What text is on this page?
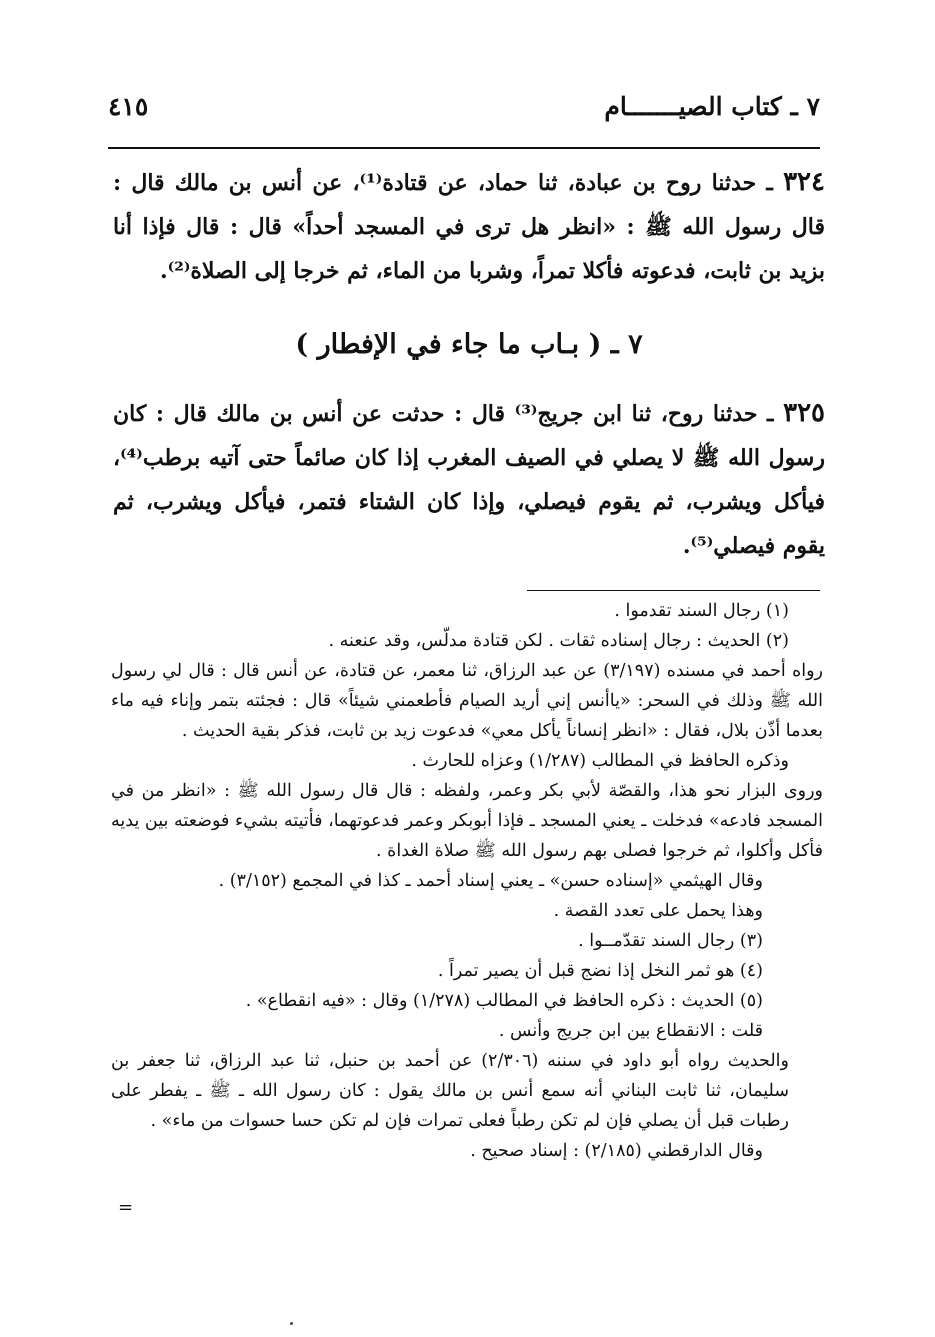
٧ ـ كتاب الصيـــــــام
٤١٥

٣٢٤ ـ حدثنا روح بن عبادة، ثنا حماد، عن قتادة⁽¹⁾، عن أنس بن مالك قال : قال رسول الله ﷺ : «انظر هل ترى في المسجد أحداً» قال : قال فإذا أنا بزيد بن ثابت، فدعوته فأكلا تمراً، وشربا من الماء، ثم خرجا إلى الصلاة⁽²⁾.

٧ ـ ( بـاب ما جاء في الإفطار )

٣٢٥ ـ حدثنا روح، ثنا ابن جريج⁽³⁾ قال : حدثت عن أنس بن مالك قال : كان رسول الله ﷺ لا يصلي في الصيف المغرب إذا كان صائماً حتى آتيه برطب⁽⁴⁾، فيأكل ويشرب، ثم يقوم فيصلي، وإذا كان الشتاء فتمر، فيأكل ويشرب، ثم يقوم فيصلي⁽⁵⁾.

(١) رجال السند تقدموا .

(٢) الحديث : رجال إسناده ثقات . لكن قتادة مدلّس، وقد عنعنه .

رواه أحمد في مسنده (٣/١٩٧) عن عبد الرزاق، ثنا معمر، عن قتادة، عن أنس قال : قال لي رسول الله ﷺ وذلك في السحر: «ياأنس إني أريد الصيام فأطعمني شيئاً» قال : فجئته بتمر وإناء فيه ماء بعدما أذّن بلال، فقال : «انظر إنساناً يأكل معي» فدعوت زيد بن ثابت، فذكر بقية الحديث .

وذكره الحافظ في المطالب (١/٢٨٧) وعزاه للحارث .

وروى البزار نحو هذا، والقصّة لأبي بكر وعمر، ولفظه : قال قال رسول الله ﷺ : «انظر من في المسجد فادعه» فدخلت ـ يعني المسجد ـ فإذا أبوبكر وعمر فدعوتهما، فأتيته بشيء فوضعته بين يديه فأكل وأكلوا، ثم خرجوا فصلى بهم رسول الله ﷺ صلاة الغداة .

وقال الهيثمي «إسناده حسن» ـ يعني إسناد أحمد ـ كذا في المجمع (٣/١٥٢) .

وهذا يحمل على تعدد القصة .

(٣) رجال السند تقدّمــوا .

(٤) هو ثمر النخل إذا نضج قبل أن يصير تمراً .

(٥) الحديث : ذكره الحافظ في المطالب (١/٢٧٨) وقال : «فيه انقطاع» .

قلت : الانقطاع بين ابن جريج وأنس .

والحديث رواه أبو داود في سننه (٢/٣٠٦) عن أحمد بن حنبل، ثنا عبد الرزاق، ثنا جعفر بن سليمان، ثنا ثابت البناني أنه سمع أنس بن مالك يقول : كان رسول الله ـ ﷺ ـ يفطر على رطبات قبل أن يصلي فإن لم تكن رطباً فعلى تمرات فإن لم تكن حسا حسوات من ماء» .

وقال الدارقطني (٢/١٨٥) : إسناد صحيح .

=
